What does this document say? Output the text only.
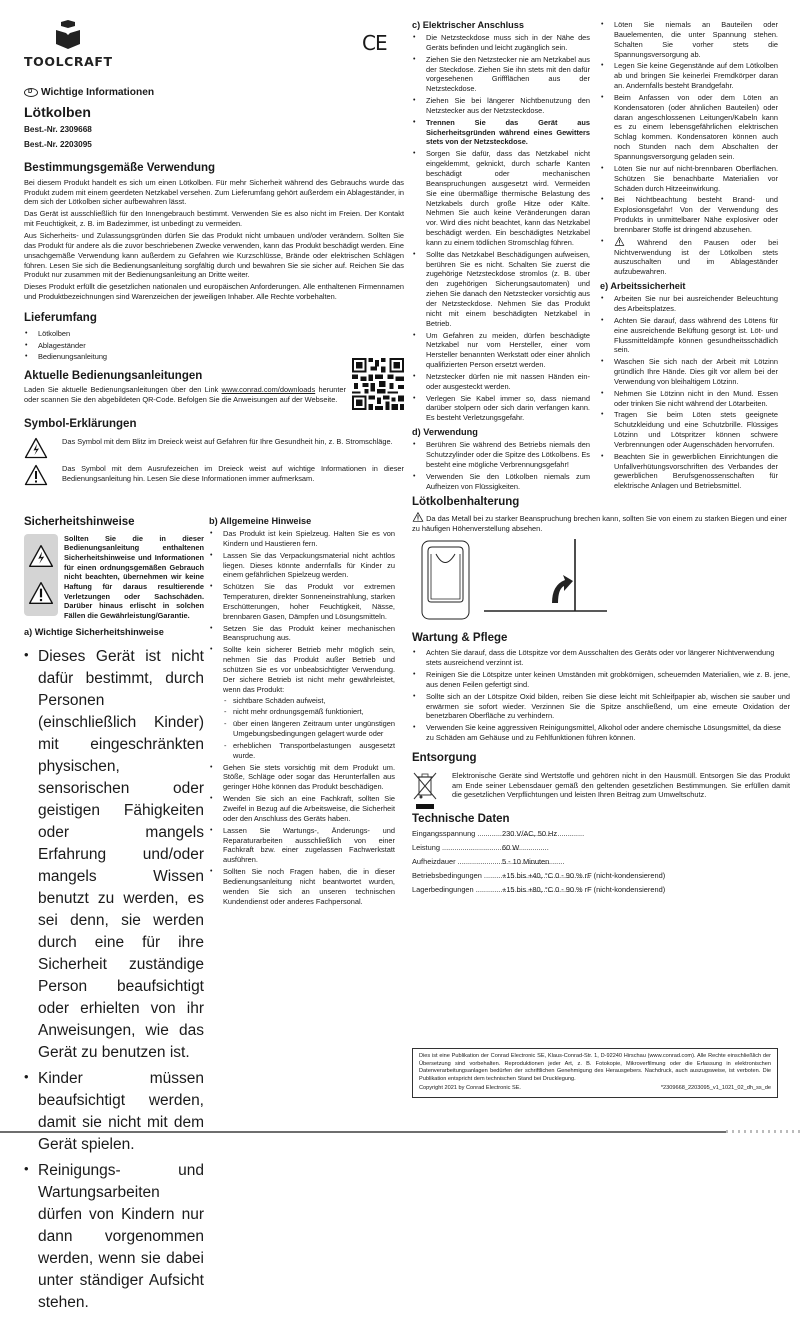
TOOLCRAFT
CE
D Wichtige Informationen
Lötkolben
Best.-Nr. 2309668
Best.-Nr. 2203095
Bestimmungsgemäße Verwendung

Bei diesem Produkt handelt es sich um einen Lötkolben. Für mehr Sicherheit während des Gebrauchs wurde das Produkt zudem mit einem geerdeten Netzkabel versehen. Zum Lieferumfang gehört außerdem ein Ablageständer, in dem sich der Lötkolben sicher aufbewahren lässt.

Das Gerät ist ausschließlich für den Innengebrauch bestimmt. Verwenden Sie es also nicht im Freien. Der Kontakt mit Feuchtigkeit, z. B. im Badezimmer, ist unbedingt zu vermeiden.

Aus Sicherheits- und Zulassungsgründen dürfen Sie das Produkt nicht umbauen und/oder verändern. Sollten Sie das Produkt für andere als die zuvor beschriebenen Zwecke verwenden, kann das Produkt beschädigt werden. Eine unsachgemäße Verwendung kann außerdem zu Gefahren wie Kurzschlüsse, Brände oder elektrischen Schlägen führen. Lesen Sie sich die Bedienungsanleitung sorgfältig durch und bewahren Sie sie sicher auf. Reichen Sie das Produkt nur zusammen mit der Bedienungsanleitung an Dritte weiter.

Dieses Produkt erfüllt die gesetzlichen nationalen und europäischen Anforderungen. Alle enthaltenen Firmennamen und Produktbezeichnungen sind Warenzeichen der jeweiligen Inhaber. Alle Rechte vorbehalten.

Lieferumfang
• Lötkolben
• Ablageständer
• Bedienungsanleitung
Aktuelle Bedienungsanleitungen

Laden Sie aktuelle Bedienungsanleitungen über den Link www.conrad.com/downloads herunter oder scannen Sie den abgebildeten QR-Code. Befolgen Sie die Anweisungen auf der Webseite.

Symbol-Erklärungen

Das Symbol mit dem Blitz im Dreieck weist auf Gefahren für Ihre Gesundheit hin, z. B. Stromschläge.

Das Symbol mit dem Ausrufezeichen im Dreieck weist auf wichtige Informationen in dieser Bedienungsanleitung hin. Lesen Sie diese Informationen immer aufmerksam.

Sicherheitshinweise

Sollten Sie die in dieser Bedienungsanleitung enthaltenen Sicherheitshinweise und Informationen für einen ordnungsgemäßen Gebrauch nicht beachten, übernehmen wir keine Haftung für daraus resultierende Verletzungen oder Sachschäden. Darüber hinaus erlischt in solchen Fällen die Gewährleistung/Garantie.

a) Wichtige Sicherheitshinweise
• Dieses Gerät ist nicht dafür bestimmt, durch Personen (einschließlich Kinder) mit eingeschränkten physischen, sensorischen oder geistigen Fähigkeiten oder mangels Erfahrung und/oder mangels Wissen benutzt zu werden, es sei denn, sie werden durch eine für ihre Sicherheit zuständige Person beaufsichtigt oder erhielten von ihr Anweisungen, wie das Gerät zu benutzen ist.
• Kinder müssen beaufsichtigt werden, damit sie nicht mit dem Gerät spielen.
• Reinigungs- und Wartungsarbeiten dürfen von Kindern nur dann vorgenommen werden, wenn sie dabei unter ständiger Aufsicht stehen.
b) Allgemeine Hinweise
• Das Produkt ist kein Spielzeug. Halten Sie es von Kindern und Haustieren fern.
• Lassen Sie das Verpackungsmaterial nicht achtlos liegen. Dieses könnte andernfalls für Kinder zu einem gefährlichen Spielzeug werden.
• Schützen Sie das Produkt vor extremen Temperaturen, direkter Sonneneinstrahlung, starken Erschütterungen, hoher Feuchtigkeit, Nässe, brennbaren Gasen, Dämpfen und Lösungsmitteln.
• Setzen Sie das Produkt keiner mechanischen Beanspruchung aus.
• Sollte kein sicherer Betrieb mehr möglich sein, nehmen Sie das Produkt außer Betrieb und schützen Sie es vor unbeabsichtigter Verwendung. Der sichere Betrieb ist nicht mehr gewährleistet, wenn das Produkt:
- sichtbare Schäden aufweist,
- nicht mehr ordnungsgemäß funktioniert,
- über einen längeren Zeitraum unter ungünstigen Umgebungsbedingungen gelagert wurde oder
- erheblichen Transportbelastungen ausgesetzt wurde.
• Gehen Sie stets vorsichtig mit dem Produkt um. Stöße, Schläge oder sogar das Herunterfallen aus geringer Höhe können das Produkt beschädigen.
• Wenden Sie sich an eine Fachkraft, sollten Sie Zweifel in Bezug auf die Arbeitsweise, die Sicherheit oder den Anschluss des Geräts haben.
• Lassen Sie Wartungs-, Änderungs- und Reparaturarbeiten ausschließlich von einer Fachkraft bzw. einer zugelassen Fachwerkstatt ausführen.
• Sollten Sie noch Fragen haben, die in dieser Bedienungsanleitung nicht beantwortet wurden, wenden Sie sich an unseren technischen Kundendienst oder anderes Fachpersonal.
c) Elektrischer Anschluss
• Die Netzsteckdose muss sich in der Nähe des Geräts befinden und leicht zugänglich sein.
• Ziehen Sie den Netzstecker nie am Netzkabel aus der Steckdose. Ziehen Sie ihn stets mit den dafür vorgesehenen Griffflächen aus der Netzsteckdose.
• Ziehen Sie bei längerer Nichtbenutzung den Netzstecker aus der Netzsteckdose.
• Trennen Sie das Gerät aus Sicherheitsgründen während eines Gewitters stets von der Netzsteckdose.
• Sorgen Sie dafür, dass das Netzkabel nicht eingeklemmt, geknickt, durch scharfe Kanten beschädigt oder mechanischen Beanspruchungen ausgesetzt wird. Vermeiden Sie eine übermäßige thermische Belastung des Netzkabels durch große Hitze oder Kälte. Nehmen Sie auch keine Veränderungen daran vor. Wird dies nicht beachtet, kann das Netzkabel beschädigt werden. Ein beschädigtes Netzkabel kann zu einem tödlichen Stromschlag führen.
• Sollte das Netzkabel Beschädigungen aufweisen, berühren Sie es nicht. Schalten Sie zuerst die zugehörige Netzsteckdose stromlos (z. B. über den zugehörigen Sicherungsautomaten) und ziehen Sie danach den Netzstecker vorsichtig aus der Netzsteckdose. Nehmen Sie das Produkt nicht mit einem beschädigten Netzkabel in Betrieb.
• Um Gefahren zu meiden, dürfen beschädigte Netzkabel nur vom Hersteller, einer vom Hersteller benannten Werkstatt oder einer ähnlich qualifizierten Person ersetzt werden.
• Netzstecker dürfen nie mit nassen Händen ein- oder ausgesteckt werden.
• Verlegen Sie Kabel immer so, dass niemand darüber stolpern oder sich darin verfangen kann. Es besteht Verletzungsgefahr.
d) Verwendung
• Berühren Sie während des Betriebs niemals den Schutzzylinder oder die Spitze des Lötkolbens. Es besteht eine mögliche Verbrennungsgefahr!
• Verwenden Sie den Lötkolben niemals zum Aufheizen von Flüssigkeiten.
• Löten Sie niemals an Bauteilen oder Bauelementen, die unter Spannung stehen. Schalten Sie vorher stets die Spannungsversorgung ab.
• Legen Sie keine Gegenstände auf dem Lötkolben ab und bringen Sie keinerlei Fremdkörper daran an. Andernfalls besteht Brandgefahr.
• Beim Anfassen von oder dem Löten an Kondensatoren (oder ähnlichen Bauteilen) oder daran angeschlossenen Leitungen/Kabeln kann es zu einem lebensgefährlichen elektrischen Schlag kommen. Kondensatoren können auch noch Stunden nach dem Abschalten der Spannungsversorgung geladen sein.
• Löten Sie nur auf nicht-brennbaren Oberflächen. Schützen Sie benachbarte Materialien vor Schäden durch Hitzeeinwirkung.
• Bei Nichtbeachtung besteht Brand- und Explosionsgefahr! Von der Verwendung des Produkts in unmittelbarer Nähe explosiver oder brennbarer Stoffe ist dringend abzusehen.
• Während den Pausen oder bei Nichtverwendung ist der Lötkolben stets auszuschalten und im Ablageständer aufzubewahren.
e) Arbeitssicherheit
• Arbeiten Sie nur bei ausreichender Beleuchtung des Arbeitsplatzes.
• Achten Sie darauf, dass während des Lötens für eine ausreichende Belüftung gesorgt ist. Löt- und Flussmitteldämpfe können gesundheitsschädlich sein.
• Waschen Sie sich nach der Arbeit mit Lötzinn gründlich Ihre Hände. Dies gilt vor allem bei der Verwendung von bleihaltigem Lötzinn.
• Nehmen Sie Lötzinn nicht in den Mund. Essen oder trinken Sie nicht während der Lötarbeiten.
• Tragen Sie beim Löten stets geeignete Schutzkleidung und eine Schutzbrille. Flüssiges Lötzinn und Lötspritzer können schwere Verbrennungen oder Augenschäden hervorrufen.
• Beachten Sie in gewerblichen Einrichtungen die Unfallverhütungsvorschriften des Verbandes der gewerblichen Berufsgenossenschaften für elektrische Anlagen und Betriebsmittel.
Lötkolbenhalterung

Da das Metall bei zu starker Beanspruchung brechen kann, sollten Sie von einem zu starken Biegen und einer zu häufigen Höhenverstellung absehen.

Wartung & Pflege
• Achten Sie darauf, dass die Lötspitze vor dem Ausschalten des Geräts oder vor längerer Nichtverwendung stets ausreichend verzinnt ist.
• Reinigen Sie die Lötspitze unter keinen Umständen mit grobkörnigen, scheuernden Materialien, wie z. B. jene, aus denen Feilen gefertigt sind.
• Sollte sich an der Lötspitze Oxid bilden, reiben Sie diese leicht mit Schleifpapier ab, wischen sie sauber und erwärmen sie sofort wieder. Verzinnen Sie die Spitze anschließend, um eine erneute Oxidation der benetzbaren Oberfläche zu verhindern.
• Verwenden Sie keine aggressiven Reinigungsmittel, Alkohol oder andere chemische Lösungsmittel, da diese zu Schäden am Gehäuse und zu Fehlfunktionen führen können.
Entsorgung

Elektronische Geräte sind Wertstoffe und gehören nicht in den Hausmüll. Entsorgen Sie das Produkt am Ende seiner Lebensdauer gemäß den geltenden gesetzlichen Bestimmungen. Sie erfüllen damit die gesetzlichen Verpflichtungen und leisten Ihren Beitrag zum Umweltschutz.

Technische Daten
Eingangsspannung .....	230 V/AC, 50 Hz
Leistung .....	60 W
Aufheizdauer .....	5 - 10 Minuten
Betriebsbedingungen .....	+15 bis +40, °C 0 - 90 % rF (nicht-kondensierend)
Lagerbedingungen .....	+15 bis +80, °C 0 - 90 % rF (nicht-kondensierend)

Dies ist eine Publikation der Conrad Electronic SE, Klaus-Conrad-Str. 1, D-92240 Hirschau (www.conrad.com). Alle Rechte einschließlich der Übersetzung sind vorbehalten. Reproduktionen jeder Art, z. B. Fotokopie, Mikroverfilmung oder die Erfassung in elektronischen Datenverarbeitungsanlagen bedürfen der schriftlichen Genehmigung des Herausgebers. Nachdruck, auch auszugsweise, ist verboten. Die Publikation entspricht dem technischen Stand bei Drucklegung.

Copyright 2021 by Conrad Electronic SE.	*2309668_2203095_v1_1021_02_dh_ss_de
